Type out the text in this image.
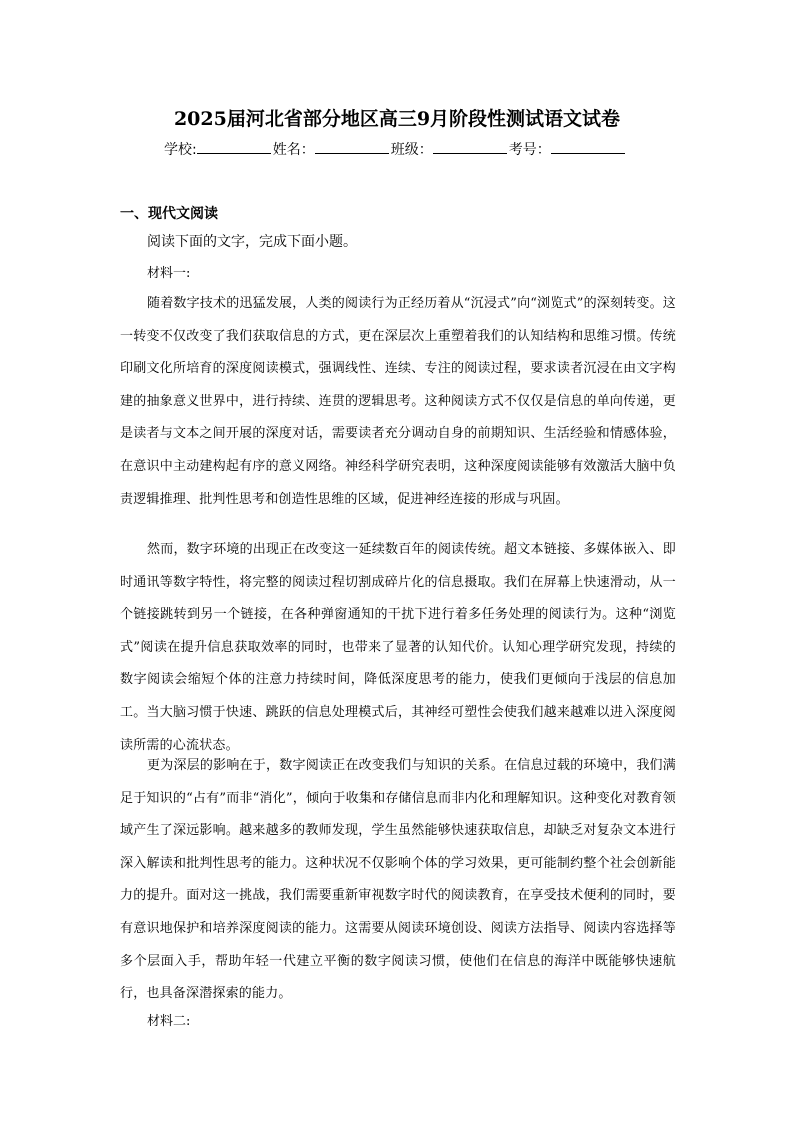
2025届河北省部分地区高三9月阶段性测试语文试卷
学校:	姓名：	班级：	考号：
一、现代文阅读
阅读下面的文字，完成下面小题。
材料一:
随着数字技术的迅猛发展，人类的阅读行为正经历着从“沉浸式”向“浏览式”的深刻转变。这一转变不仅改变了我们获取信息的方式，更在深层次上重塑着我们的认知结构和思维习惯。传统印刷文化所培育的深度阅读模式，强调线性、连续、专注的阅读过程，要求读者沉浸在由文字构建的抽象意义世界中，进行持续、连贯的逻辑思考。这种阅读方式不仅仅是信息的单向传递，更是读者与文本之间开展的深度对话，需要读者充分调动自身的前期知识、生活经验和情感体验，在意识中主动建构起有序的意义网络。神经科学研究表明，这种深度阅读能够有效激活大脑中负责逻辑推理、批判性思考和创造性思维的区域，促进神经连接的形成与巩固。
然而，数字环境的出现正在改变这一延续数百年的阅读传统。超文本链接、多媒体嵌入、即时通讯等数字特性，将完整的阅读过程切割成碎片化的信息摄取。我们在屏幕上快速滑动，从一个链接跳转到另一个链接，在各种弹窗通知的干扰下进行着多任务处理的阅读行为。这种“浏览式”阅读在提升信息获取效率的同时，也带来了显著的认知代价。认知心理学研究发现，持续的数字阅读会缩短个体的注意力持续时间，降低深度思考的能力，使我们更倾向于浅层的信息加工。当大脑习惯于快速、跳跃的信息处理模式后，其神经可塑性会使我们越来越难以进入深度阅读所需的心流状态。
更为深层的影响在于，数字阅读正在改变我们与知识的关系。在信息过载的环境中，我们满足于知识的“占有”而非“消化”，倾向于收集和存储信息而非内化和理解知识。这种变化对教育领域产生了深远影响。越来越多的教师发现，学生虽然能够快速获取信息，却缺乏对复杂文本进行深入解读和批判性思考的能力。这种状况不仅影响个体的学习效果，更可能制约整个社会创新能力的提升。面对这一挑战，我们需要重新审视数字时代的阅读教育，在享受技术便利的同时，要有意识地保护和培养深度阅读的能力。这需要从阅读环境创设、阅读方法指导、阅读内容选择等多个层面入手，帮助年轻一代建立平衡的数字阅读习惯，使他们在信息的海洋中既能够快速航行，也具备深潜探索的能力。
材料二:
